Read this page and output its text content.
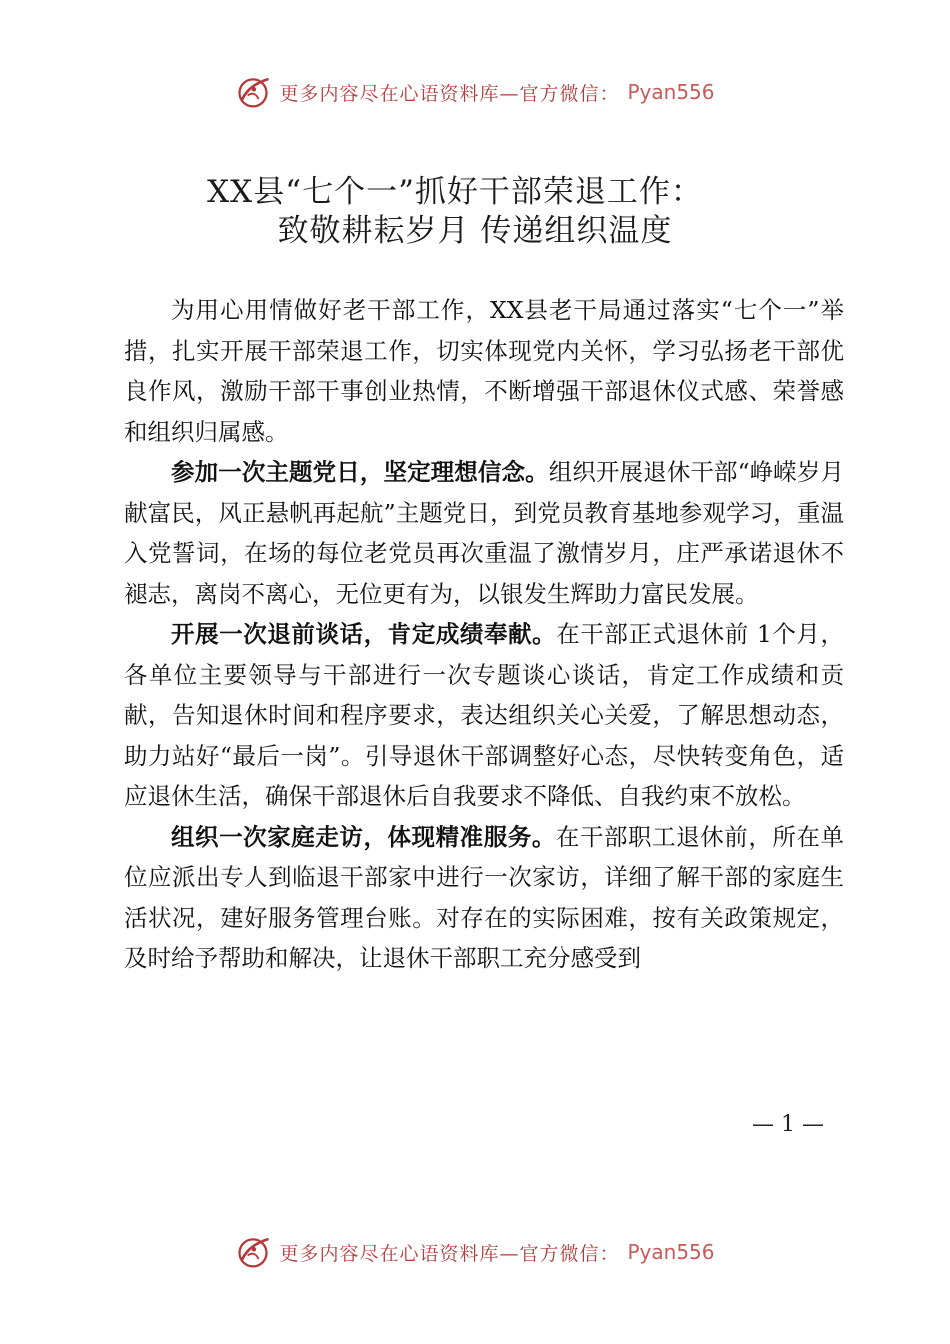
更多内容尽在心语资料库—官方微信： Pyan556
XX县“七个一”抓好干部荣退工作：
致敬耕耘岁月 传递组织温度

为用心用情做好老干部工作，XX县老干局通过落实“七个一”举措，扎实开展干部荣退工作，切实体现党内关怀，学习弘扬老干部优良作风，激励干部干事创业热情，不断增强干部退休仪式感、荣誉感和组织归属感。

参加一次主题党日，坚定理想信念。组织开展退休干部“峥嵘岁月献富民，风正悬帆再起航”主题党日，到党员教育基地参观学习，重温入党誓词，在场的每位老党员再次重温了激情岁月，庄严承诺退休不褪志，离岗不离心，无位更有为，以银发生辉助力富民发展。

开展一次退前谈话，肯定成绩奉献。在干部正式退休前 1个月，各单位主要领导与干部进行一次专题谈心谈话，肯定工作成绩和贡献，告知退休时间和程序要求，表达组织关心关爱，了解思想动态，助力站好“最后一岗”。引导退休干部调整好心态，尽快转变角色，适应退休生活，确保干部退休后自我要求不降低、自我约束不放松。

组织一次家庭走访，体现精准服务。在干部职工退休前，所在单位应派出专人到临退干部家中进行一次家访，详细了解干部的家庭生活状况，建好服务管理台账。对存在的实际困难，按有关政策规定，及时给予帮助和解决，让退休干部职工充分感受到

— 1 —
更多内容尽在心语资料库—官方微信： Pyan556
